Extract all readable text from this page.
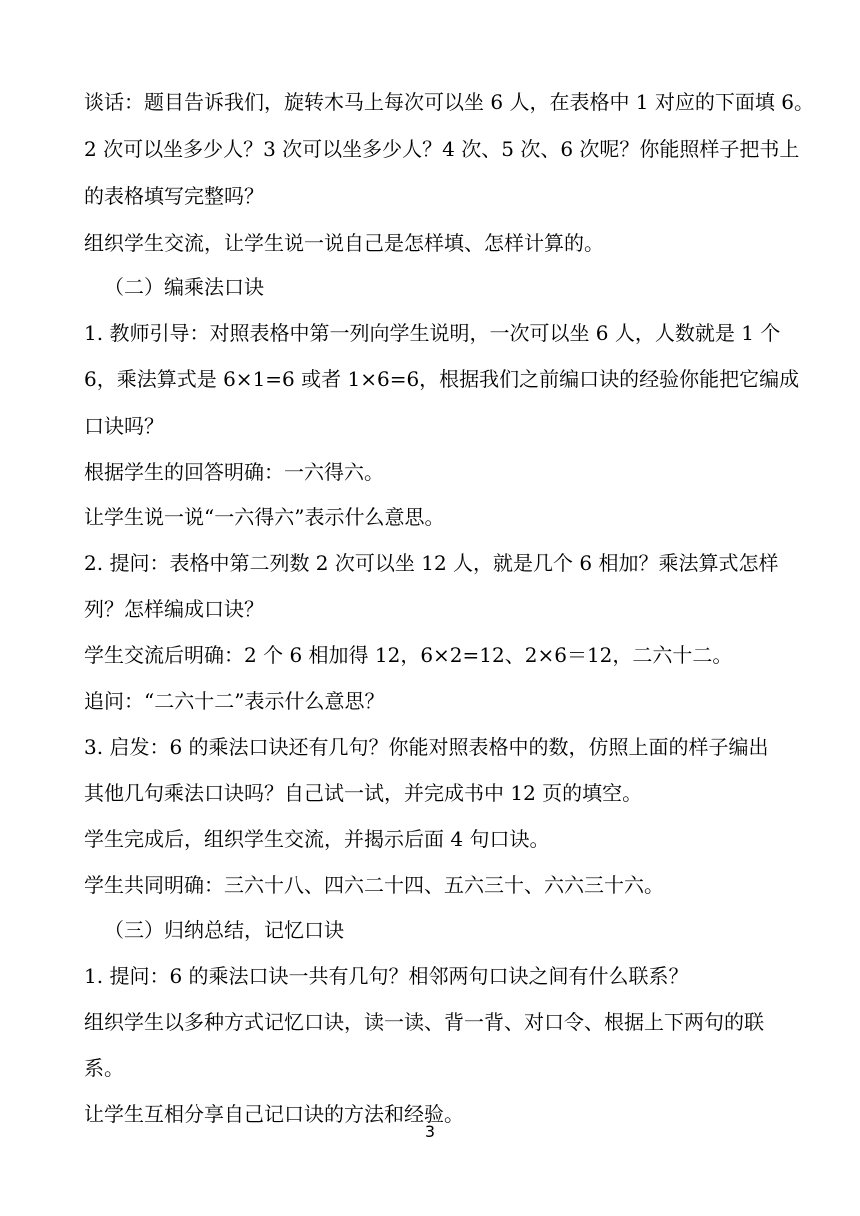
谈话：题目告诉我们，旋转木马上每次可以坐 6 人，在表格中 1 对应的下面填 6。
2 次可以坐多少人？3 次可以坐多少人？4 次、5 次、6 次呢？你能照样子把书上
的表格填写完整吗？
组织学生交流，让学生说一说自己是怎样填、怎样计算的。
（二）编乘法口诀
1. 教师引导：对照表格中第一列向学生说明，一次可以坐 6 人，人数就是 1 个
6，乘法算式是 6×1=6 或者 1×6=6，根据我们之前编口诀的经验你能把它编成
口诀吗？
根据学生的回答明确：一六得六。
让学生说一说“一六得六”表示什么意思。
2. 提问：表格中第二列数 2 次可以坐 12 人，就是几个 6 相加？乘法算式怎样
列？怎样编成口诀？
学生交流后明确：2 个 6 相加得 12，6×2=12、2×6＝12，二六十二。
追问：“二六十二”表示什么意思？
3. 启发：6 的乘法口诀还有几句？你能对照表格中的数，仿照上面的样子编出
其他几句乘法口诀吗？自己试一试，并完成书中 12 页的填空。
学生完成后，组织学生交流，并揭示后面 4 句口诀。
学生共同明确：三六十八、四六二十四、五六三十、六六三十六。
（三）归纳总结，记忆口诀
1. 提问：6 的乘法口诀一共有几句？相邻两句口诀之间有什么联系？
组织学生以多种方式记忆口诀，读一读、背一背、对口令、根据上下两句的联
系。
让学生互相分享自己记口诀的方法和经验。
3
